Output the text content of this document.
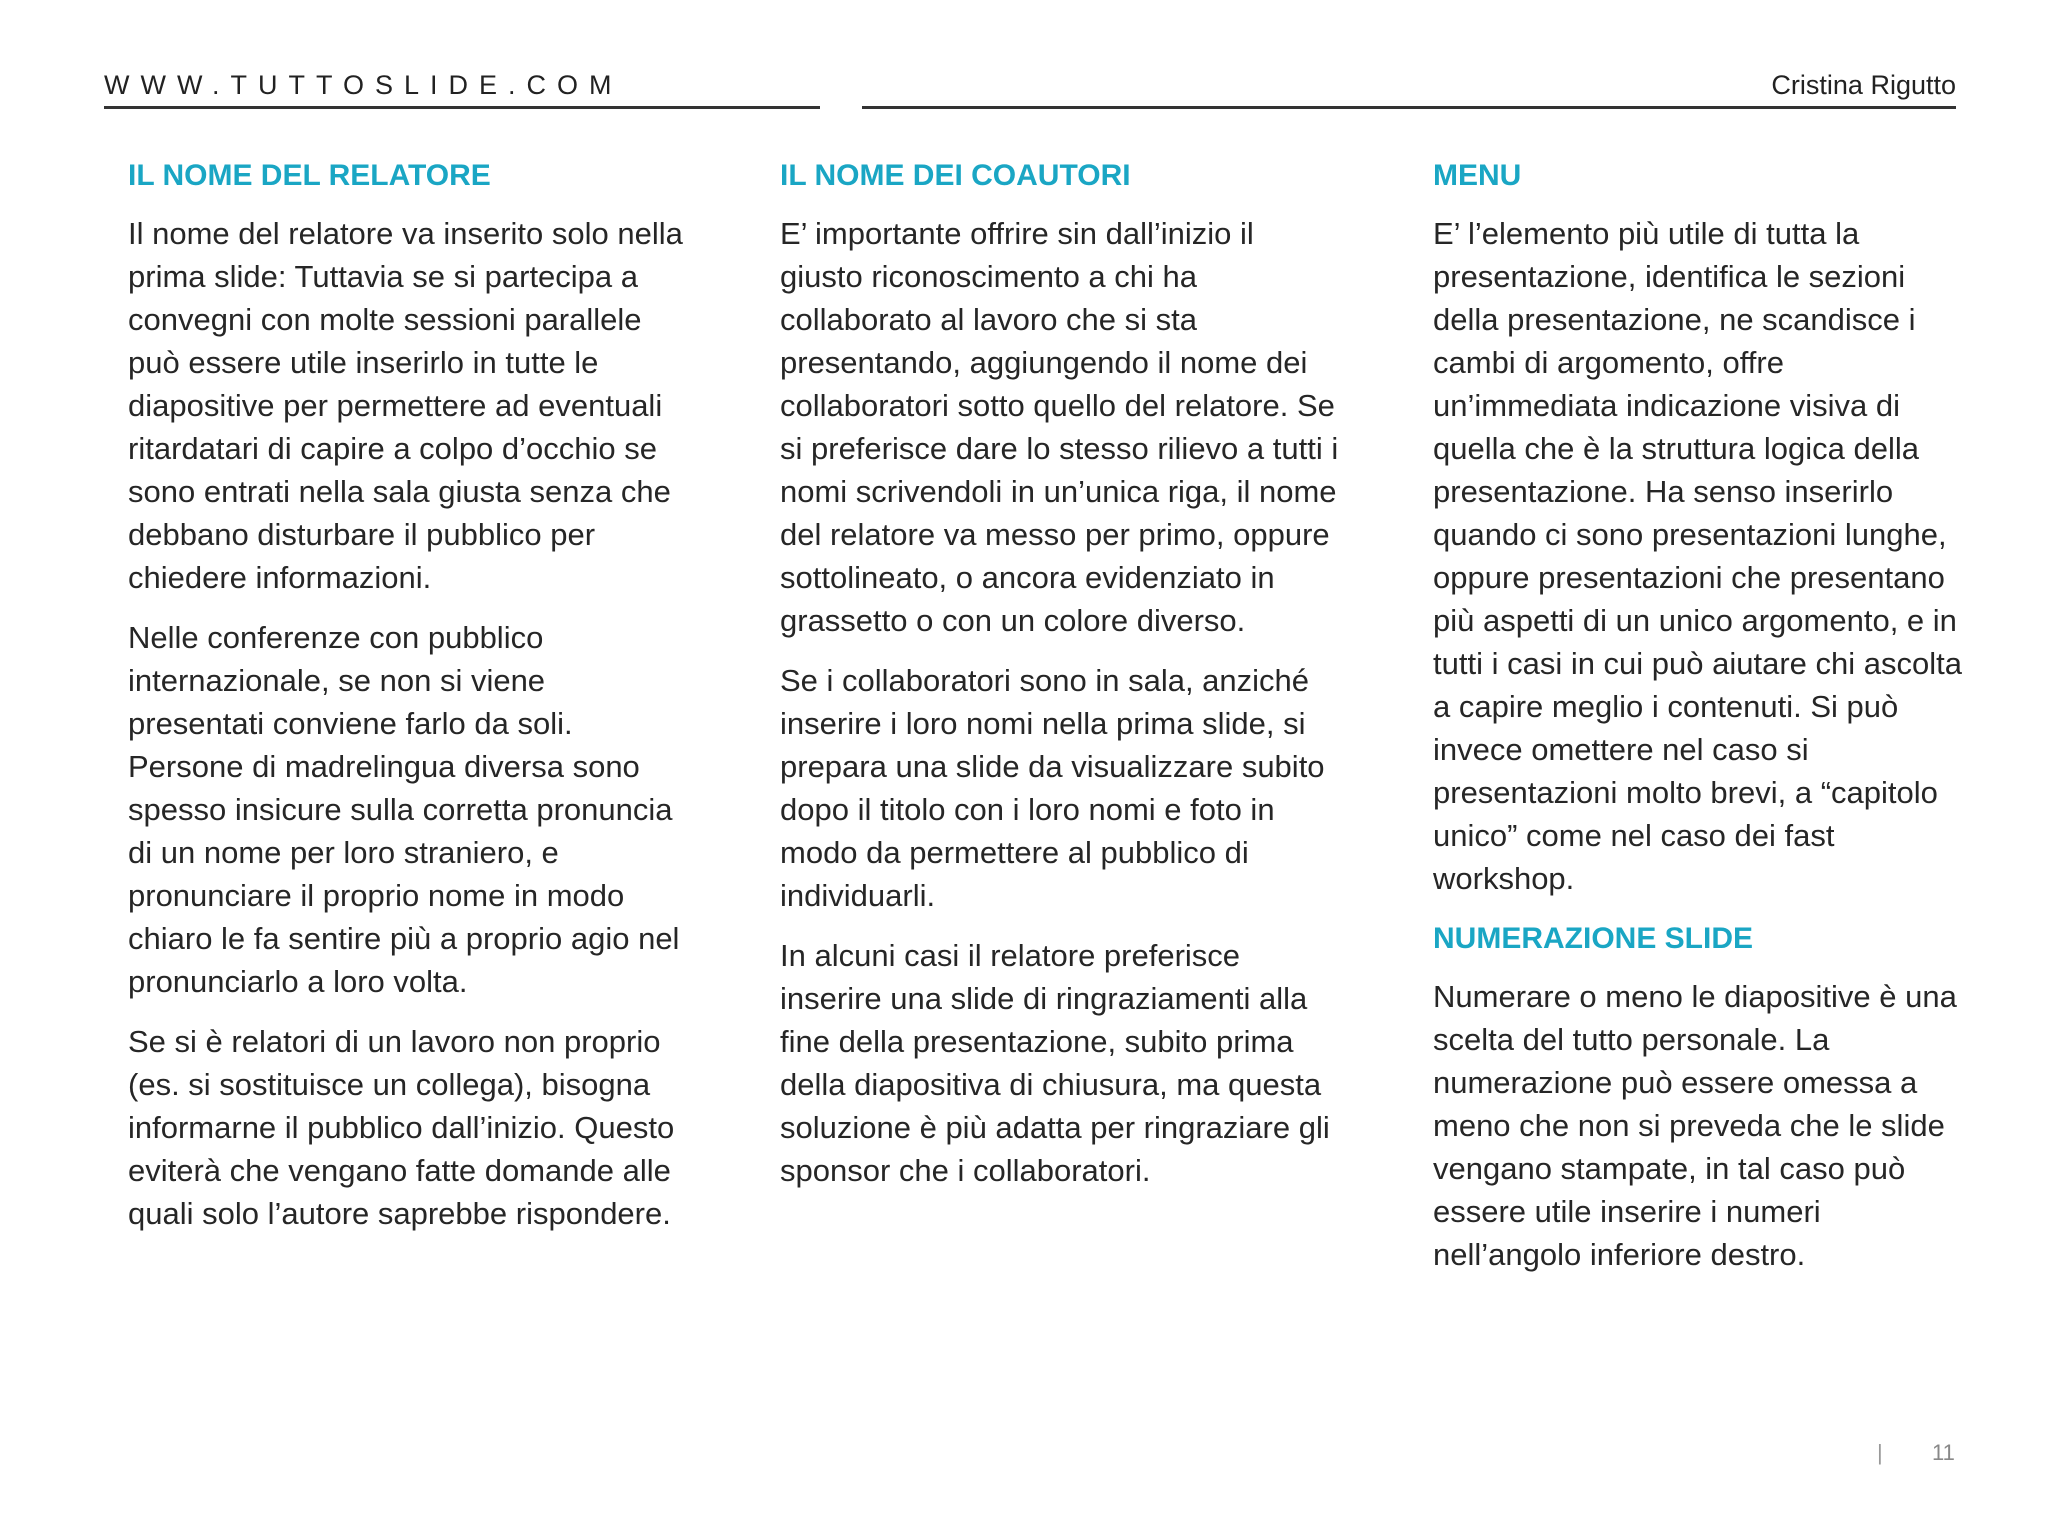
WWW.TUTTOSLIDE.COM	Cristina Rigutto
IL NOME DEL RELATORE

Il nome del relatore va inserito solo nella prima slide: Tuttavia se si partecipa a convegni con molte sessioni parallele può essere utile inserirlo in tutte le diapositive per permettere ad eventuali ritardatari di capire a colpo d’occhio se sono entrati nella sala giusta senza che debbano disturbare il pubblico per chiedere informazioni.

Nelle conferenze con pubblico internazionale, se non si viene presentati conviene farlo da soli. Persone di madrelingua diversa sono spesso insicure sulla corretta pronuncia di un nome per loro straniero, e pronunciare il proprio nome in modo chiaro le fa sentire più a proprio agio nel pronunciarlo a loro volta.

Se si è relatori di un lavoro non proprio (es. si sostituisce un collega), bisogna informarne il pubblico dall’inizio. Questo eviterà che vengano fatte domande alle quali solo l’autore saprebbe rispondere.

IL NOME DEI COAUTORI

E’ importante offrire sin dall’inizio il giusto riconoscimento a chi ha collaborato al lavoro che si sta presentando, aggiungendo il nome dei collaboratori sotto quello del relatore. Se si preferisce dare lo stesso rilievo a tutti i nomi scrivendoli in un’unica riga, il nome del relatore va messo per primo, oppure sottolineato, o ancora evidenziato in grassetto o con un colore diverso.

Se i collaboratori sono in sala, anziché inserire i loro nomi nella prima slide, si prepara una slide da visualizzare subito dopo il titolo con i loro nomi e foto in modo da permettere al pubblico di individuarli.

In alcuni casi il relatore preferisce inserire una slide di ringraziamenti alla fine della presentazione, subito prima della diapositiva di chiusura, ma questa soluzione è più adatta per ringraziare gli sponsor che i collaboratori.

MENU

E’ l’elemento più utile di tutta la presentazione, identifica le sezioni della presentazione, ne scandisce i cambi di argomento, offre un’immediata indicazione visiva di quella che è la struttura logica della presentazione. Ha senso inserirlo quando ci sono presentazioni lunghe, oppure presentazioni che presentano più aspetti di un unico argomento, e in tutti i casi in cui può aiutare chi ascolta a capire meglio i contenuti. Si può invece omettere nel caso si presentazioni molto brevi, a “capitolo unico” come nel caso dei fast workshop.

NUMERAZIONE SLIDE

Numerare o meno le diapositive è una scelta del tutto personale. La numerazione può essere omessa a meno che non si preveda che le slide vengano stampate, in tal caso può essere utile inserire i numeri nell’angolo inferiore destro.

| 11
